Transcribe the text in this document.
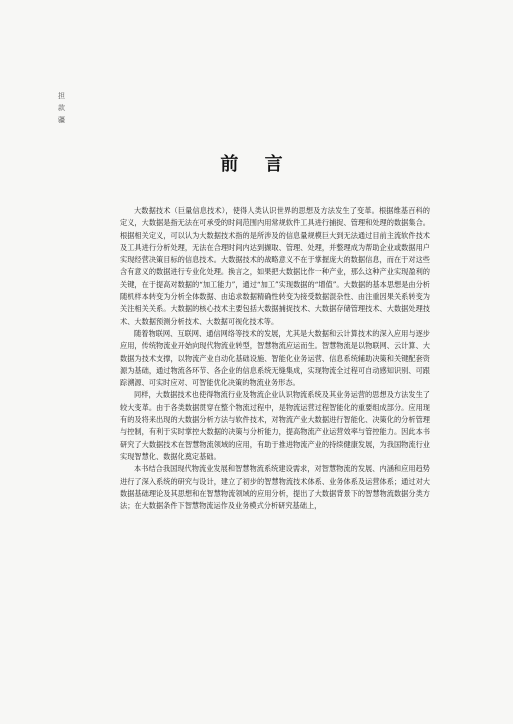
担
款
疆
前 言

大数据技术（巨量信息技术），使得人类认识世界的思想及方法发生了变革。根据维基百科的定义，大数据是指无法在可承受的时间范围内用常规软件工具进行捕捉、管理和处理的数据集合。根据相关定义，可以认为大数据技术指的是所涉及的信息量规模巨大到无法通过目前主流软件技术及工具进行分析处理，无法在合理时间内达到撷取、管理、处理，并整理成为帮助企业或数据用户实现经营决策目标的信息技术。大数据技术的战略意义不在于掌握庞大的数据信息，而在于对这些含有意义的数据进行专业化处理。换言之，如果把大数据比作一种产业，那么这种产业实现盈利的关键，在于提高对数据的“加工能力”，通过“加工”实现数据的“增值”。大数据的基本思想是由分析随机样本转变为分析全体数据、由追求数据精确性转变为接受数据混杂性、由注重因果关系转变为关注相关关系。大数据的核心技术主要包括大数据捕捉技术、大数据存储管理技术、大数据处理技术、大数据预测分析技术、大数据可视化技术等。

随着物联网、互联网、通信网络等技术的发展，尤其是大数据和云计算技术的深入应用与逐步应用，传统物流业开始向现代物流业转型，智慧物流应运而生。智慧物流是以物联网、云计算、大数据为技术支撑，以物流产业自动化基础设施、智能化业务运营、信息系统辅助决策和关键配套资源为基础，通过物流各环节、各企业的信息系统无缝集成，实现物流全过程可自动感知识别、可跟踪溯源、可实时应对、可智能优化决策的物流业务形态。

同样，大数据技术也使得物流行业及物流企业认识物流系统及其业务运营的思想及方法发生了较大变革。由于各类数据贯穿在整个物流过程中，是物流运营过程智能化的重要组成部分。应用现有的及将来出现的大数据分析方法与软件技术，对物流产业大数据进行智能化、决策化的分析管理与控制，有利于实时掌控大数据的决策与分析能力，提高物流产业运营效率与管控能力。因此本书研究了大数据技术在智慧物流领域的应用，有助于推进物流产业的持续健康发展，为我国物流行业实现智慧化、数据化奠定基础。

本书结合我国现代物流业发展和智慧物流系统建设需求，对智慧物流的发展、内涵和应用趋势进行了深入系统的研究与设计，建立了初步的智慧物流技术体系、业务体系及运营体系；通过对大数据基础理论及其思想和在智慧物流领域的应用分析，提出了大数据背景下的智慧物流数据分类方法；在大数据条件下智慧物流运作及业务模式分析研究基础上，
